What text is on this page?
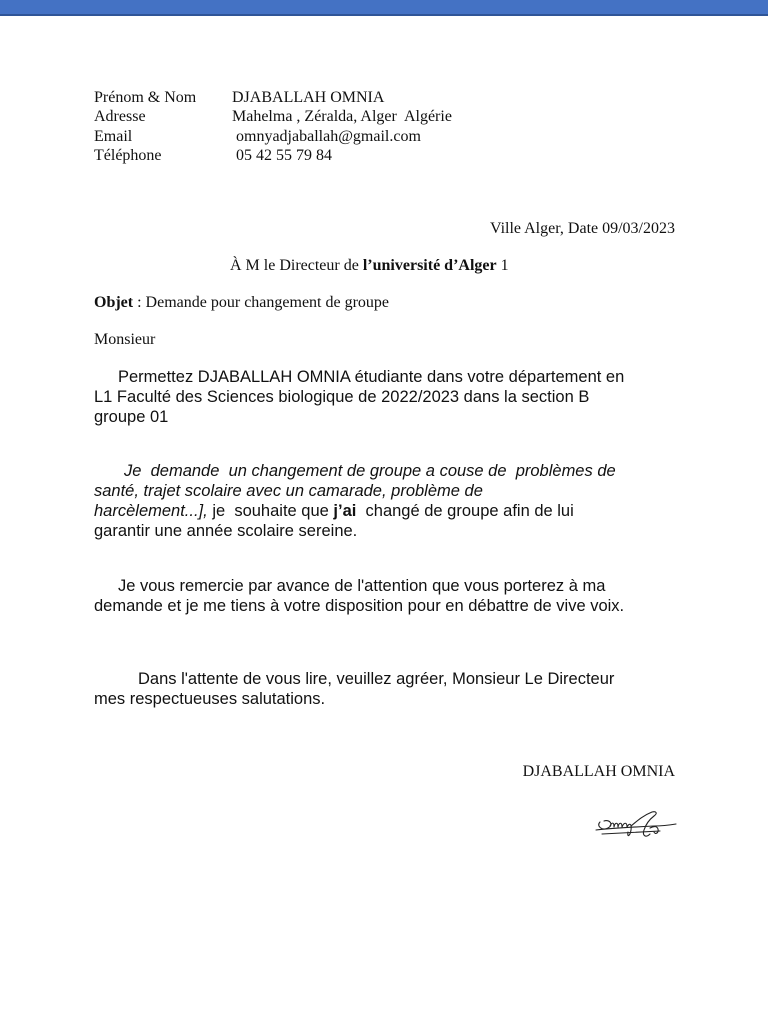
Prénom & Nom DJABALLAH OMNIA
Adresse	Mahelma , Zéralda, Alger  Algérie
Email	omnyadjaballah@gmail.com
Téléphone	05 42 55 79 84
Ville Alger, Date 09/03/2023
À M le Directeur de l’université d’Alger 1
Objet : Demande pour changement de groupe
Monsieur
Permettez DJABALLAH OMNIA étudiante dans votre département en
L1 Faculté des Sciences biologique de 2022/2023 dans la section B
groupe 01
Je  demande  un changement de groupe a couse de  problèmes de
santé, trajet scolaire avec un camarade, problème de
harcèlement...], je  souhaite que j’ai  changé de groupe afin de lui
garantir une année scolaire sereine.
Je vous remercie par avance de l'attention que vous porterez à ma
demande et je me tiens à votre disposition pour en débattre de vive voix.
Dans l'attente de vous lire, veuillez agréer, Monsieur Le Directeur
mes respectueuses salutations.
DJABALLAH OMNIA
